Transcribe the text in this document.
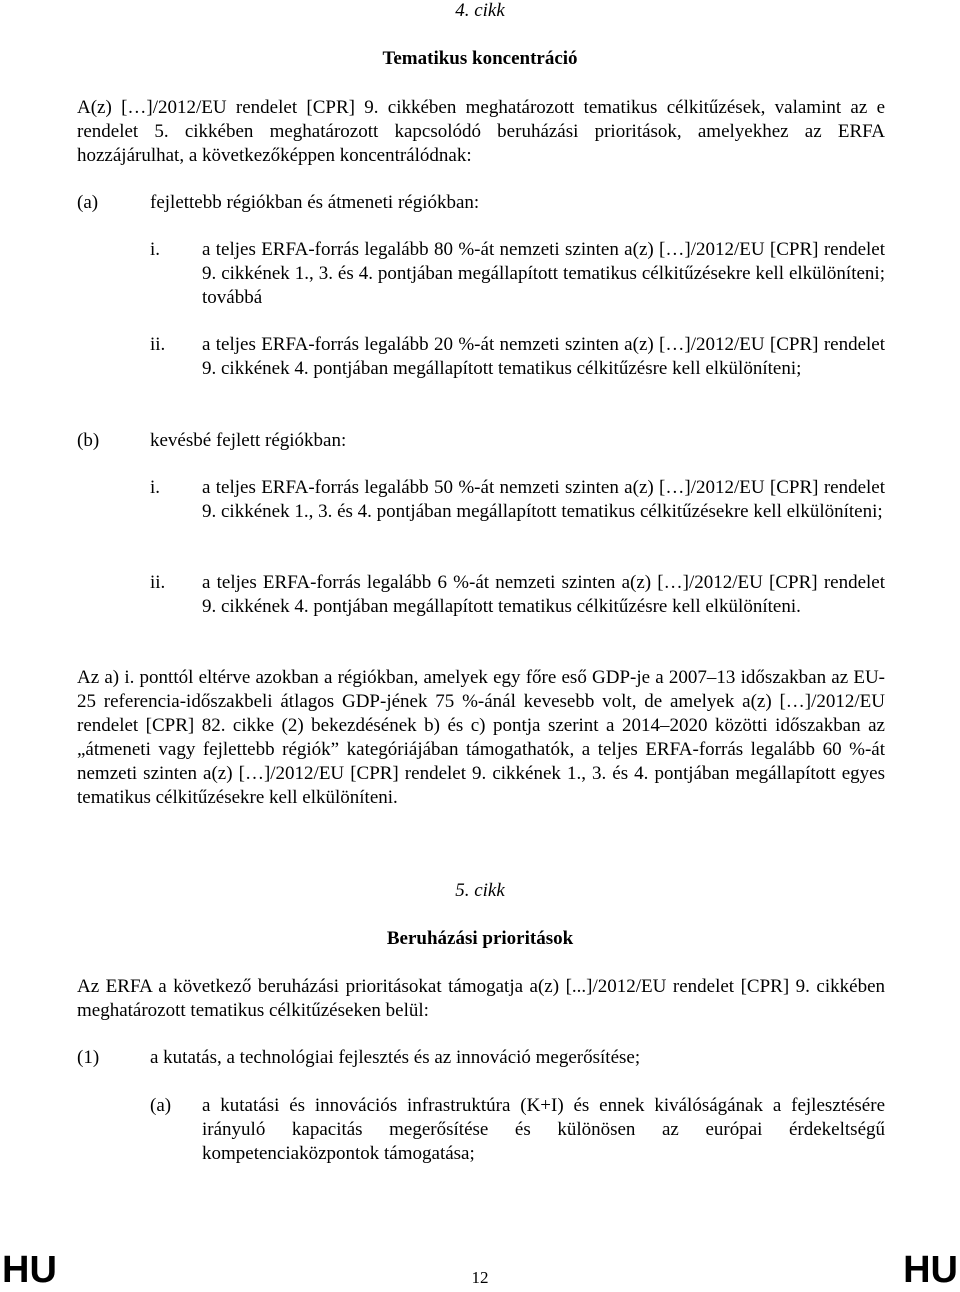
4. cikk
Tematikus koncentráció
A(z) […]/2012/EU rendelet [CPR] 9. cikkében meghatározott tematikus célkitűzések, valamint az e rendelet 5. cikkében meghatározott kapcsolódó beruházási prioritások, amelyekhez az ERFA hozzájárulhat, a következőképpen koncentrálódnak:
(a)	fejlettebb régiókban és átmeneti régiókban:
i. a teljes ERFA-forrás legalább 80 %-át nemzeti szinten a(z) […]/2012/EU [CPR] rendelet 9. cikkének 1., 3. és 4. pontjában megállapított tematikus célkitűzésekre kell elkülöníteni; továbbá
ii. a teljes ERFA-forrás legalább 20 %-át nemzeti szinten a(z) […]/2012/EU [CPR] rendelet 9. cikkének 4. pontjában megállapított tematikus célkitűzésre kell elkülöníteni;
(b)	kevésbé fejlett régiókban:
i. a teljes ERFA-forrás legalább 50 %-át nemzeti szinten a(z) […]/2012/EU [CPR] rendelet 9. cikkének 1., 3. és 4. pontjában megállapított tematikus célkitűzésekre kell elkülöníteni;
ii. a teljes ERFA-forrás legalább 6 %-át nemzeti szinten a(z) […]/2012/EU [CPR] rendelet 9. cikkének 4. pontjában megállapított tematikus célkitűzésre kell elkülöníteni.
Az a) i. ponttól eltérve azokban a régiókban, amelyek egy főre eső GDP-je a 2007–13 időszakban az EU-25 referencia-időszakbeli átlagos GDP-jének 75 %-ánál kevesebb volt, de amelyek a(z) […]/2012/EU rendelet [CPR] 82. cikke (2) bekezdésének b) és c) pontja szerint a 2014–2020 közötti időszakban az „átmeneti vagy fejlettebb régiók” kategóriájában támogathatók, a teljes ERFA-forrás legalább 60 %-át nemzeti szinten a(z) […]/2012/EU [CPR] rendelet 9. cikkének 1., 3. és 4. pontjában megállapított egyes tematikus célkitűzésekre kell elkülöníteni.
5. cikk
Beruházási prioritások
Az ERFA a következő beruházási prioritásokat támogatja a(z) [...]/2012/EU rendelet [CPR] 9. cikkében meghatározott tematikus célkitűzéseken belül:
(1)	a kutatás, a technológiai fejlesztés és az innováció megerősítése;
(a) a kutatási és innovációs infrastruktúra (K+I) és ennek kiválóságának a fejlesztésére irányuló kapacitás megerősítése és különösen az európai érdekeltségű kompetenciaközpontok támogatása;
HU	12	HU
